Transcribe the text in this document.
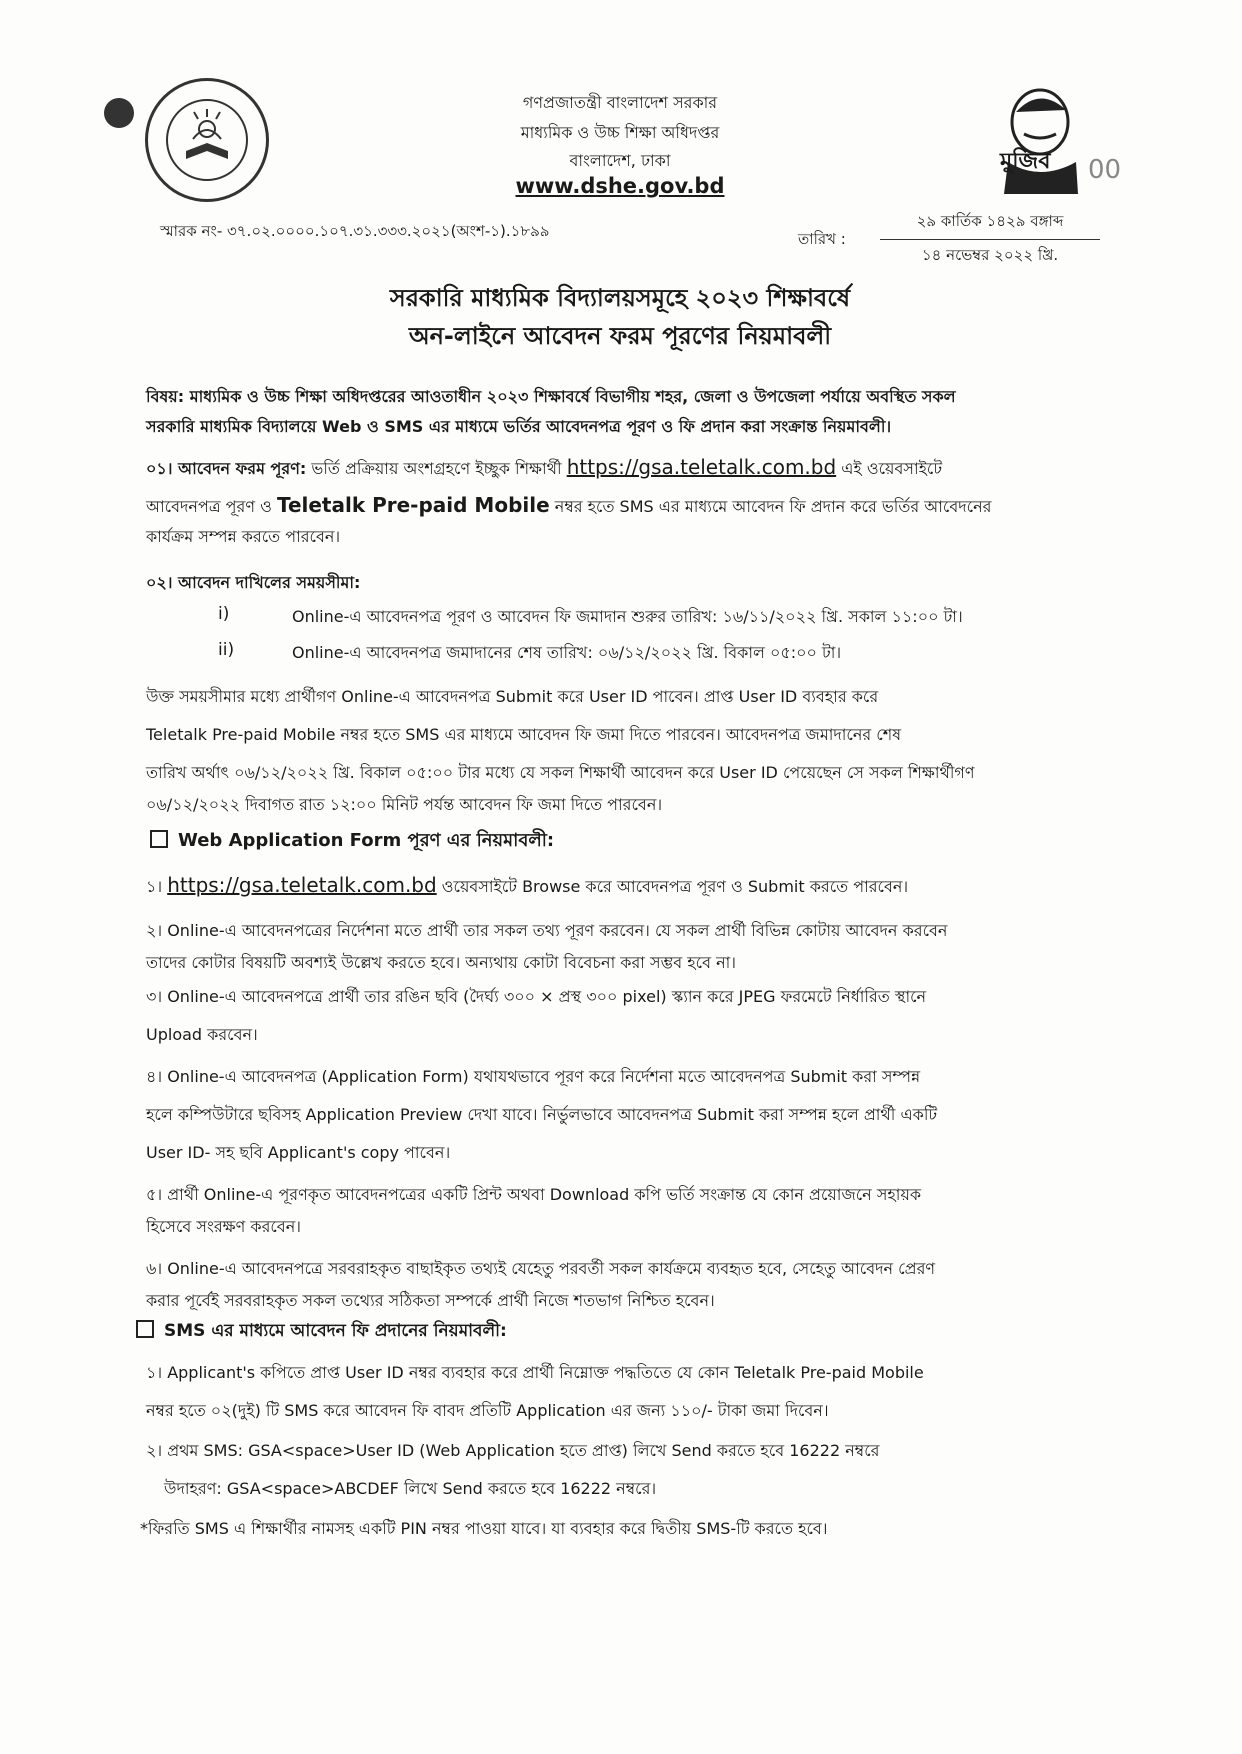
গণপ্রজাতন্ত্রী বাংলাদেশ সরকার
মাধ্যমিক ও উচ্চ শিক্ষা অধিদপ্তর
বাংলাদেশ, ঢাকা
www.dshe.gov.bd
00
মুজিব
স্মারক নং- ৩৭.০২.০০০০.১০৭.৩১.৩৩৩.২০২১(অংশ-১).১৮৯৯	তারিখ :
২৯ কার্তিক ১৪২৯ বঙ্গাব্দ
১৪ নভেম্বর ২০২২ খ্রি.
সরকারি মাধ্যমিক বিদ্যালয়সমূহে ২০২৩ শিক্ষাবর্ষে
অন-লাইনে আবেদন ফরম পূরণের নিয়মাবলী
বিষয়: মাধ্যমিক ও উচ্চ শিক্ষা অধিদপ্তরের আওতাধীন ২০২৩ শিক্ষাবর্ষে বিভাগীয় শহর, জেলা ও উপজেলা পর্যায়ে অবস্থিত সকল
সরকারি মাধ্যমিক বিদ্যালয়ে Web ও SMS এর মাধ্যমে ভর্তির আবেদনপত্র পূরণ ও ফি প্রদান করা সংক্রান্ত নিয়মাবলী।
০১। আবেদন ফরম পূরণ: ভর্তি প্রক্রিয়ায় অংশগ্রহণে ইচ্ছুক শিক্ষার্থী https://gsa.teletalk.com.bd এই ওয়েবসাইটে
আবেদনপত্র পূরণ ও Teletalk Pre-paid Mobile নম্বর হতে SMS এর মাধ্যমে আবেদন ফি প্রদান করে ভর্তির আবেদনের
কার্যক্রম সম্পন্ন করতে পারবেন।
০২। আবেদন দাখিলের সময়সীমা:
i)	Online-এ আবেদনপত্র পূরণ ও আবেদন ফি জমাদান শুরুর তারিখ: ১৬/১১/২০২২ খ্রি. সকাল ১১:০০ টা।
ii)	Online-এ আবেদনপত্র জমাদানের শেষ তারিখ: ০৬/১২/২০২২ খ্রি. বিকাল ০৫:০০ টা।
উক্ত সময়সীমার মধ্যে প্রার্থীগণ Online-এ আবেদনপত্র Submit করে User ID পাবেন। প্রাপ্ত User ID ব্যবহার করে
Teletalk Pre-paid Mobile নম্বর হতে SMS এর মাধ্যমে আবেদন ফি জমা দিতে পারবেন। আবেদনপত্র জমাদানের শেষ
তারিখ অর্থাৎ ০৬/১২/২০২২ খ্রি. বিকাল ০৫:০০ টার মধ্যে যে সকল শিক্ষার্থী আবেদন করে User ID পেয়েছেন সে সকল শিক্ষার্থীগণ
০৬/১২/২০২২ দিবাগত রাত ১২:০০ মিনিট পর্যন্ত আবেদন ফি জমা দিতে পারবেন।
Web Application Form পূরণ এর নিয়মাবলী:
১। https://gsa.teletalk.com.bd ওয়েবসাইটে Browse করে আবেদনপত্র পূরণ ও Submit করতে পারবেন।
২। Online-এ আবেদনপত্রের নির্দেশনা মতে প্রার্থী তার সকল তথ্য পূরণ করবেন। যে সকল প্রার্থী বিভিন্ন কোটায় আবেদন করবেন
তাদের কোটার বিষয়টি অবশ্যই উল্লেখ করতে হবে। অন্যথায় কোটা বিবেচনা করা সম্ভব হবে না।
৩। Online-এ আবেদনপত্রে প্রার্থী তার রঙিন ছবি (দৈর্ঘ্য ৩০০ × প্রস্থ ৩০০ pixel) স্ক্যান করে JPEG ফরমেটে নির্ধারিত স্থানে
Upload করবেন।
৪। Online-এ আবেদনপত্র (Application Form) যথাযথভাবে পূরণ করে নির্দেশনা মতে আবেদনপত্র Submit করা সম্পন্ন
হলে কম্পিউটারে ছবিসহ Application Preview দেখা যাবে। নির্ভুলভাবে আবেদনপত্র Submit করা সম্পন্ন হলে প্রার্থী একটি
User ID- সহ ছবি Applicant's copy পাবেন।
৫। প্রার্থী Online-এ পূরণকৃত আবেদনপত্রের একটি প্রিন্ট অথবা Download কপি ভর্তি সংক্রান্ত যে কোন প্রয়োজনে সহায়ক
হিসেবে সংরক্ষণ করবেন।
৬। Online-এ আবেদনপত্রে সরবরাহকৃত বাছাইকৃত তথ্যই যেহেতু পরবর্তী সকল কার্যক্রমে ব্যবহৃত হবে, সেহেতু আবেদন প্রেরণ
করার পূর্বেই সরবরাহকৃত সকল তথ্যের সঠিকতা সম্পর্কে প্রার্থী নিজে শতভাগ নিশ্চিত হবেন।
SMS এর মাধ্যমে আবেদন ফি প্রদানের নিয়মাবলী:
১। Applicant's কপিতে প্রাপ্ত User ID নম্বর ব্যবহার করে প্রার্থী নিম্নোক্ত পদ্ধতিতে যে কোন Teletalk Pre-paid Mobile
নম্বর হতে ০২(দুই) টি SMS করে আবেদন ফি বাবদ প্রতিটি Application এর জন্য ১১০/- টাকা জমা দিবেন।
২। প্রথম SMS: GSA<space>User ID (Web Application হতে প্রাপ্ত) লিখে Send করতে হবে 16222 নম্বরে
উদাহরণ: GSA<space>ABCDEF লিখে Send করতে হবে 16222 নম্বরে।
*ফিরতি SMS এ শিক্ষার্থীর নামসহ একটি PIN নম্বর পাওয়া যাবে। যা ব্যবহার করে দ্বিতীয় SMS-টি করতে হবে।
